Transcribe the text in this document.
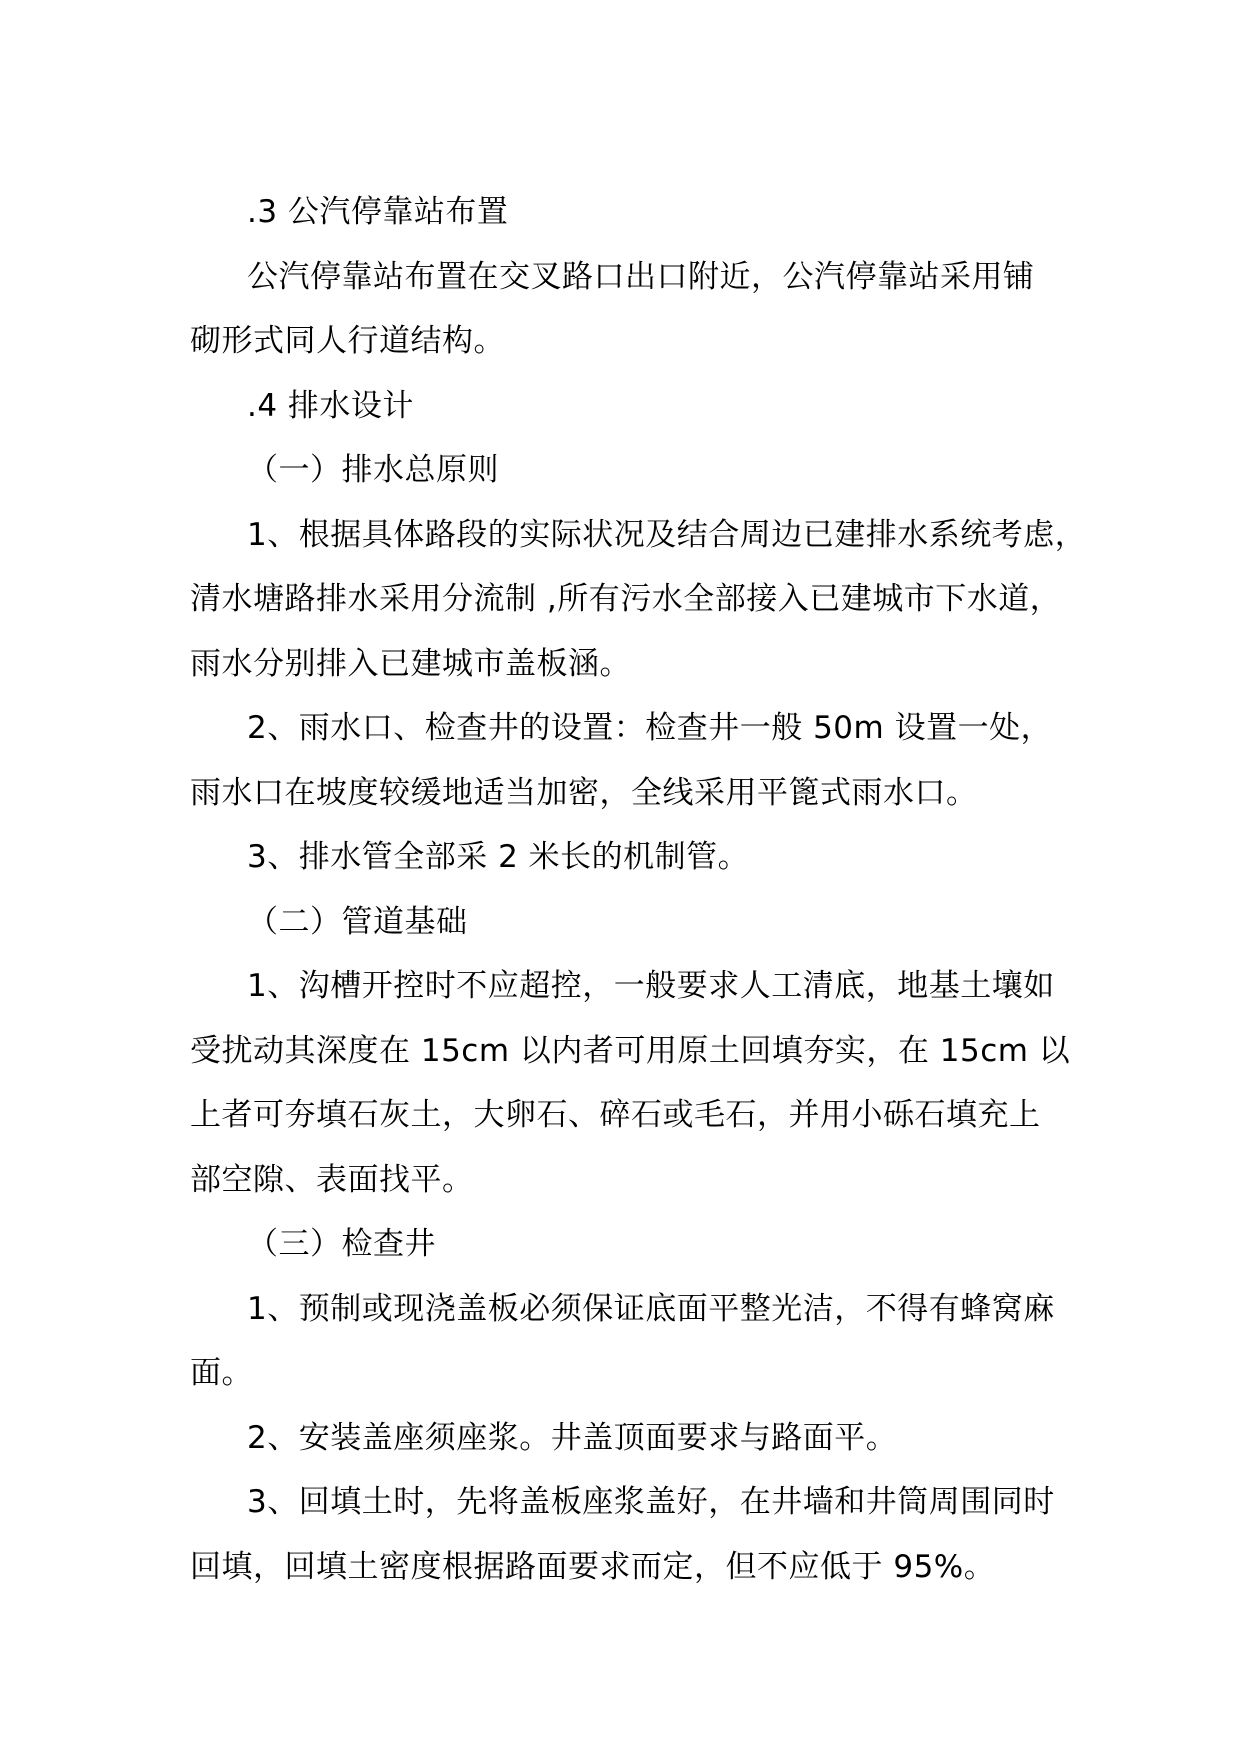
.3 公汽停靠站布置
公汽停靠站布置在交叉路口出口附近，公汽停靠站采用铺
砌形式同人行道结构。
.4 排水设计
（一）排水总原则
1、根据具体路段的实际状况及结合周边已建排水系统考虑，
清水塘路排水采用分流制 ,所有污水全部接入已建城市下水道，
雨水分别排入已建城市盖板涵。
2、雨水口、检查井的设置：检查井一般 50m 设置一处，
雨水口在坡度较缓地适当加密，全线采用平篦式雨水口。
3、排水管全部采 2 米长的机制管。
（二）管道基础
1、沟槽开控时不应超控，一般要求人工清底，地基土壤如
受扰动其深度在 15cm 以内者可用原土回填夯实，在 15cm 以
上者可夯填石灰土，大卵石、碎石或毛石，并用小砾石填充上
部空隙、表面找平。
（三）检查井
1、预制或现浇盖板必须保证底面平整光洁，不得有蜂窝麻
面。
2、安装盖座须座浆。井盖顶面要求与路面平。
3、回填土时，先将盖板座浆盖好，在井墙和井筒周围同时
回填，回填土密度根据路面要求而定，但不应低于 95%。
